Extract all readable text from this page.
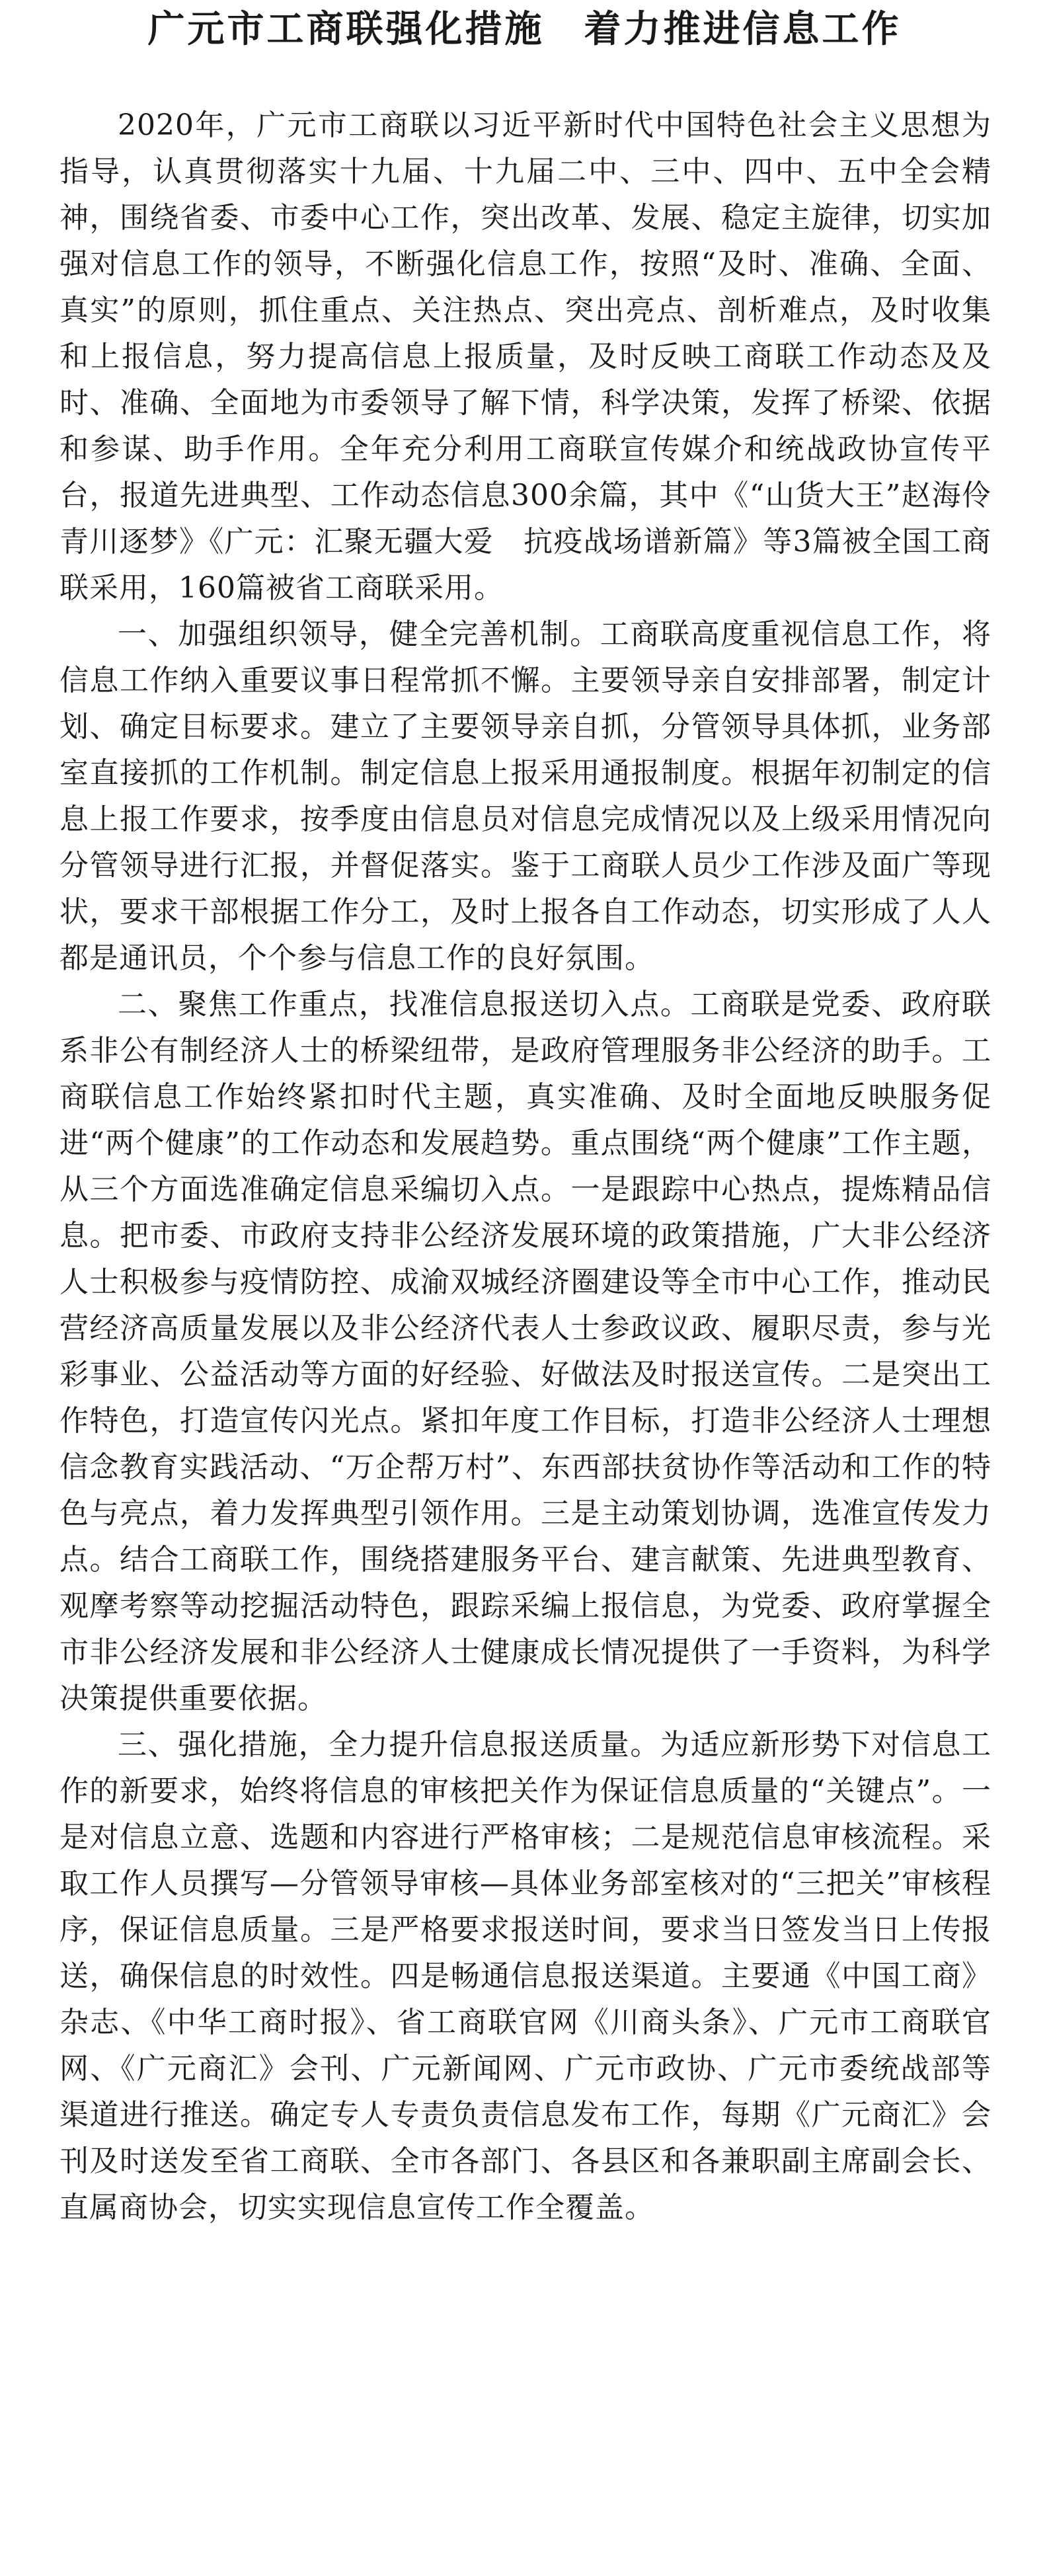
广元市工商联强化措施　着力推进信息工作

2020年，广元市工商联以习近平新时代中国特色社会主义思想为指导，认真贯彻落实十九届、十九届二中、三中、四中、五中全会精神，围绕省委、市委中心工作，突出改革、发展、稳定主旋律，切实加强对信息工作的领导，不断强化信息工作，按照“及时、准确、全面、真实”的原则，抓住重点、关注热点、突出亮点、剖析难点，及时收集和上报信息，努力提高信息上报质量，及时反映工商联工作动态及及时、准确、全面地为市委领导了解下情，科学决策，发挥了桥梁、依据和参谋、助手作用。全年充分利用工商联宣传媒介和统战政协宣传平台，报道先进典型、工作动态信息300余篇，其中《“山货大王”赵海伶青川逐梦》《广元：汇聚无疆大爱　抗疫战场谱新篇》等3篇被全国工商联采用，160篇被省工商联采用。

一、加强组织领导，健全完善机制。工商联高度重视信息工作，将信息工作纳入重要议事日程常抓不懈。主要领导亲自安排部署，制定计划、确定目标要求。建立了主要领导亲自抓，分管领导具体抓，业务部室直接抓的工作机制。制定信息上报采用通报制度。根据年初制定的信息上报工作要求，按季度由信息员对信息完成情况以及上级采用情况向分管领导进行汇报，并督促落实。鉴于工商联人员少工作涉及面广等现状，要求干部根据工作分工，及时上报各自工作动态，切实形成了人人都是通讯员，个个参与信息工作的良好氛围。

二、聚焦工作重点，找准信息报送切入点。工商联是党委、政府联系非公有制经济人士的桥梁纽带，是政府管理服务非公经济的助手。工商联信息工作始终紧扣时代主题，真实准确、及时全面地反映服务促进“两个健康”的工作动态和发展趋势。重点围绕“两个健康”工作主题，从三个方面选准确定信息采编切入点。一是跟踪中心热点，提炼精品信息。把市委、市政府支持非公经济发展环境的政策措施，广大非公经济人士积极参与疫情防控、成渝双城经济圈建设等全市中心工作，推动民营经济高质量发展以及非公经济代表人士参政议政、履职尽责，参与光彩事业、公益活动等方面的好经验、好做法及时报送宣传。二是突出工作特色，打造宣传闪光点。紧扣年度工作目标，打造非公经济人士理想信念教育实践活动、“万企帮万村”、东西部扶贫协作等活动和工作的特色与亮点，着力发挥典型引领作用。三是主动策划协调，选准宣传发力点。结合工商联工作，围绕搭建服务平台、建言献策、先进典型教育、观摩考察等动挖掘活动特色，跟踪采编上报信息，为党委、政府掌握全市非公经济发展和非公经济人士健康成长情况提供了一手资料，为科学决策提供重要依据。

三、强化措施，全力提升信息报送质量。为适应新形势下对信息工作的新要求，始终将信息的审核把关作为保证信息质量的“关键点”。一是对信息立意、选题和内容进行严格审核；二是规范信息审核流程。采取工作人员撰写—分管领导审核—具体业务部室核对的“三把关”审核程序，保证信息质量。三是严格要求报送时间，要求当日签发当日上传报送，确保信息的时效性。四是畅通信息报送渠道。主要通《中国工商》杂志、《中华工商时报》、省工商联官网《川商头条》、广元市工商联官网、《广元商汇》会刊、广元新闻网、广元市政协、广元市委统战部等渠道进行推送。确定专人专责负责信息发布工作，每期《广元商汇》会刊及时送发至省工商联、全市各部门、各县区和各兼职副主席副会长、直属商协会，切实实现信息宣传工作全覆盖。
